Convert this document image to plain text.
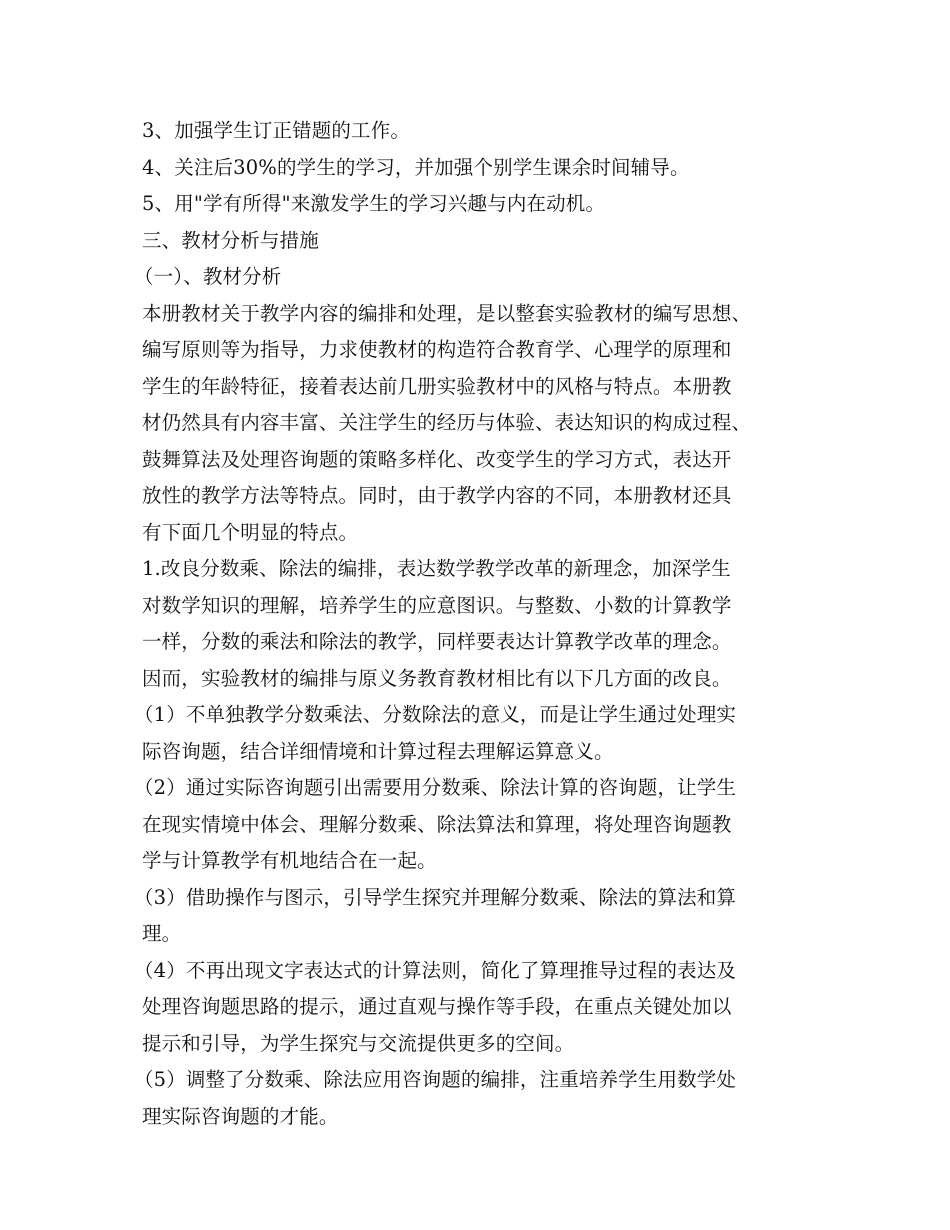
3、加强学生订正错题的工作。
4、关注后30%的学生的学习，并加强个别学生课余时间辅导。
5、用"学有所得"来激发学生的学习兴趣与内在动机。
三、教材分析与措施
（一）、教材分析
本册教材关于教学内容的编排和处理，是以整套实验教材的编写思想、
编写原则等为指导，力求使教材的构造符合教育学、心理学的原理和
学生的年龄特征，接着表达前几册实验教材中的风格与特点。本册教
材仍然具有内容丰富、关注学生的经历与体验、表达知识的构成过程、
鼓舞算法及处理咨询题的策略多样化、改变学生的学习方式，表达开
放性的教学方法等特点。同时，由于教学内容的不同，本册教材还具
有下面几个明显的特点。
1.改良分数乘、除法的编排，表达数学教学改革的新理念，加深学生
对数学知识的理解，培养学生的应意图识。与整数、小数的计算教学
一样，分数的乘法和除法的教学，同样要表达计算教学改革的理念。
因而，实验教材的编排与原义务教育教材相比有以下几方面的改良。
（1）不单独教学分数乘法、分数除法的意义，而是让学生通过处理实
际咨询题，结合详细情境和计算过程去理解运算意义。
（2）通过实际咨询题引出需要用分数乘、除法计算的咨询题，让学生
在现实情境中体会、理解分数乘、除法算法和算理，将处理咨询题教
学与计算教学有机地结合在一起。
（3）借助操作与图示，引导学生探究并理解分数乘、除法的算法和算
理。
（4）不再出现文字表达式的计算法则，简化了算理推导过程的表达及
处理咨询题思路的提示，通过直观与操作等手段，在重点关键处加以
提示和引导，为学生探究与交流提供更多的空间。
（5）调整了分数乘、除法应用咨询题的编排，注重培养学生用数学处
理实际咨询题的才能。
